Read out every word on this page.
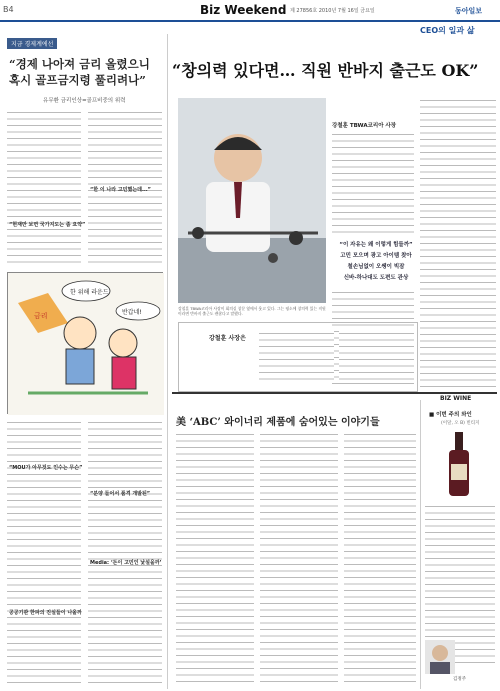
B4	Biz Weekend 제 27856호 2010년 7월 16일 금요일	동아일보
지금 경제계에선
“경제 나아져 금리 올렸으니
혹시 골프금지령 풀리려나”
유무환 금리인상=골프비중의 위력
“현재만 보면 국가지도는 좀 요약”
“한 이 나라 고민했는데...”
금리
한 위해 라운드
반갑네!
“MOU가 아무것도 인수는 무슨”
공공기관 한파의 진실들이 나올까
“분양 들어서 품격 개발된”
Media: ‘돈이 고민인 낯설을까’
CEO의 일과 삶
“창의력 있다면… 직원 반바지 출근도 OK”
강철훈 TBWA코리아 사장이 회의실 창문 옆에서 웃고 있다. 그는 평소에 창의력 있는 직원이라면 반바지 출근도 괜찮다고 말했다.
강철훈 TBWA코리아 사장
“이 자유는 왜 이렇게 힘들까”
고민 모으며 광고 아이템 찾아
철손님없이 오쌩이 빅잠
신바-하나대도 도편도 관상
강철훈 사장은
BIZ WINE
美 ‘ABC’ 와이너리 제품에 숨어있는 이야기들
■ 이번 주의 와인
(이달, 오 B) 빈티지
김정주
